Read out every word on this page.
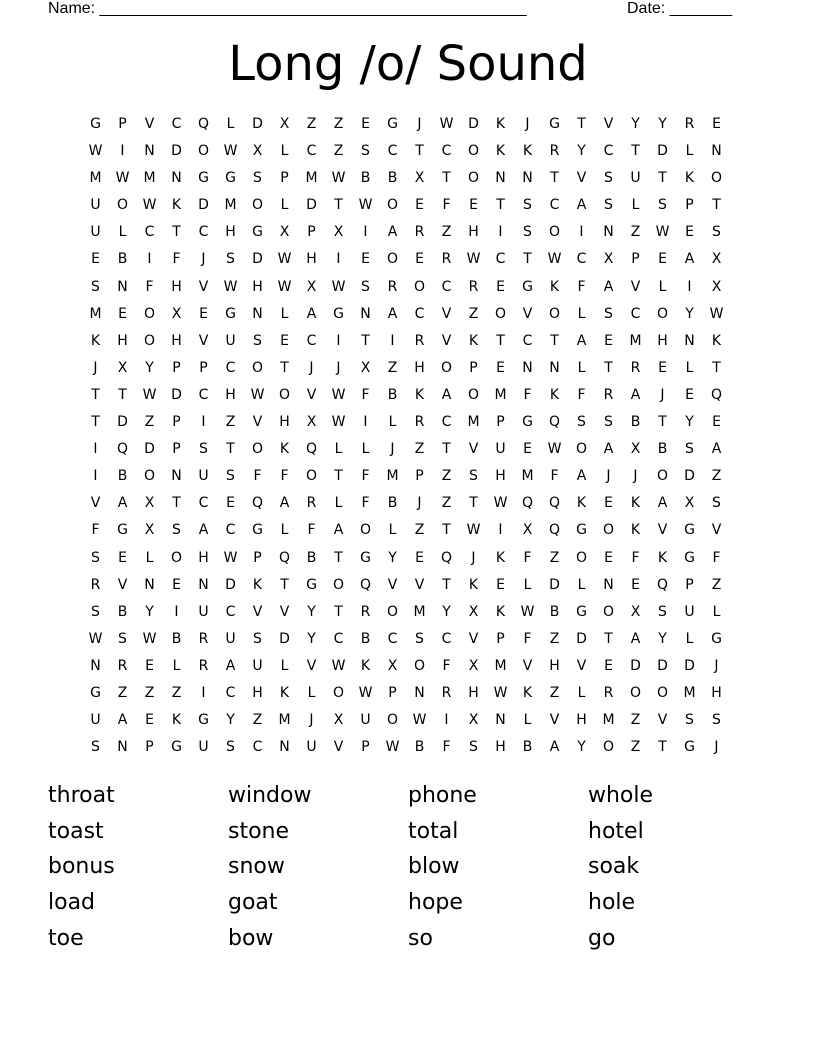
Name: ________________________________________________	Date: _______
Long /o/ Sound
G	P	V	C	Q	L	D	X	Z	Z	E	G	J	W	D	K	J	G	T	V	Y	Y	R	E
W	I	N	D	O	W	X	L	C	Z	S	C	T	C	O	K	K	R	Y	C	T	D	L	N
M	W	M	N	G	G	S	P	M	W	B	B	X	T	O	N	N	T	V	S	U	T	K	O
U	O	W	K	D	M	O	L	D	T	W	O	E	F	E	T	S	C	A	S	L	S	P	T
U	L	C	T	C	H	G	X	P	X	I	A	R	Z	H	I	S	O	I	N	Z	W	E	S
E	B	I	F	J	S	D	W	H	I	E	O	E	R	W	C	T	W	C	X	P	E	A	X
S	N	F	H	V	W	H	W	X	W	S	R	O	C	R	E	G	K	F	A	V	L	I	X
M	E	O	X	E	G	N	L	A	G	N	A	C	V	Z	O	V	O	L	S	C	O	Y	W
K	H	O	H	V	U	S	E	C	I	T	I	R	V	K	T	C	T	A	E	M	H	N	K
J	X	Y	P	P	C	O	T	J	J	X	Z	H	O	P	E	N	N	L	T	R	E	L	T
T	T	W	D	C	H	W	O	V	W	F	B	K	A	O	M	F	K	F	R	A	J	E	Q
T	D	Z	P	I	Z	V	H	X	W	I	L	R	C	M	P	G	Q	S	S	B	T	Y	E
I	Q	D	P	S	T	O	K	Q	L	L	J	Z	T	V	U	E	W	O	A	X	B	S	A
I	B	O	N	U	S	F	F	O	T	F	M	P	Z	S	H	M	F	A	J	J	O	D	Z
V	A	X	T	C	E	Q	A	R	L	F	B	J	Z	T	W	Q	Q	K	E	K	A	X	S
F	G	X	S	A	C	G	L	F	A	O	L	Z	T	W	I	X	Q	G	O	K	V	G	V
S	E	L	O	H	W	P	Q	B	T	G	Y	E	Q	J	K	F	Z	O	E	F	K	G	F
R	V	N	E	N	D	K	T	G	O	Q	V	V	T	K	E	L	D	L	N	E	Q	P	Z
S	B	Y	I	U	C	V	V	Y	T	R	O	M	Y	X	K	W	B	G	O	X	S	U	L
W	S	W	B	R	U	S	D	Y	C	B	C	S	C	V	P	F	Z	D	T	A	Y	L	G
N	R	E	L	R	A	U	L	V	W	K	X	O	F	X	M	V	H	V	E	D	D	D	J
G	Z	Z	Z	I	C	H	K	L	O	W	P	N	R	H	W	K	Z	L	R	O	O	M	H
U	A	E	K	G	Y	Z	M	J	X	U	O	W	I	X	N	L	V	H	M	Z	V	S	S
S	N	P	G	U	S	C	N	U	V	P	W	B	F	S	H	B	A	Y	O	Z	T	G	J
throat	window	phone	whole
toast	stone	total	hotel
bonus	snow	blow	soak
load	goat	hope	hole
toe	bow	so	go
